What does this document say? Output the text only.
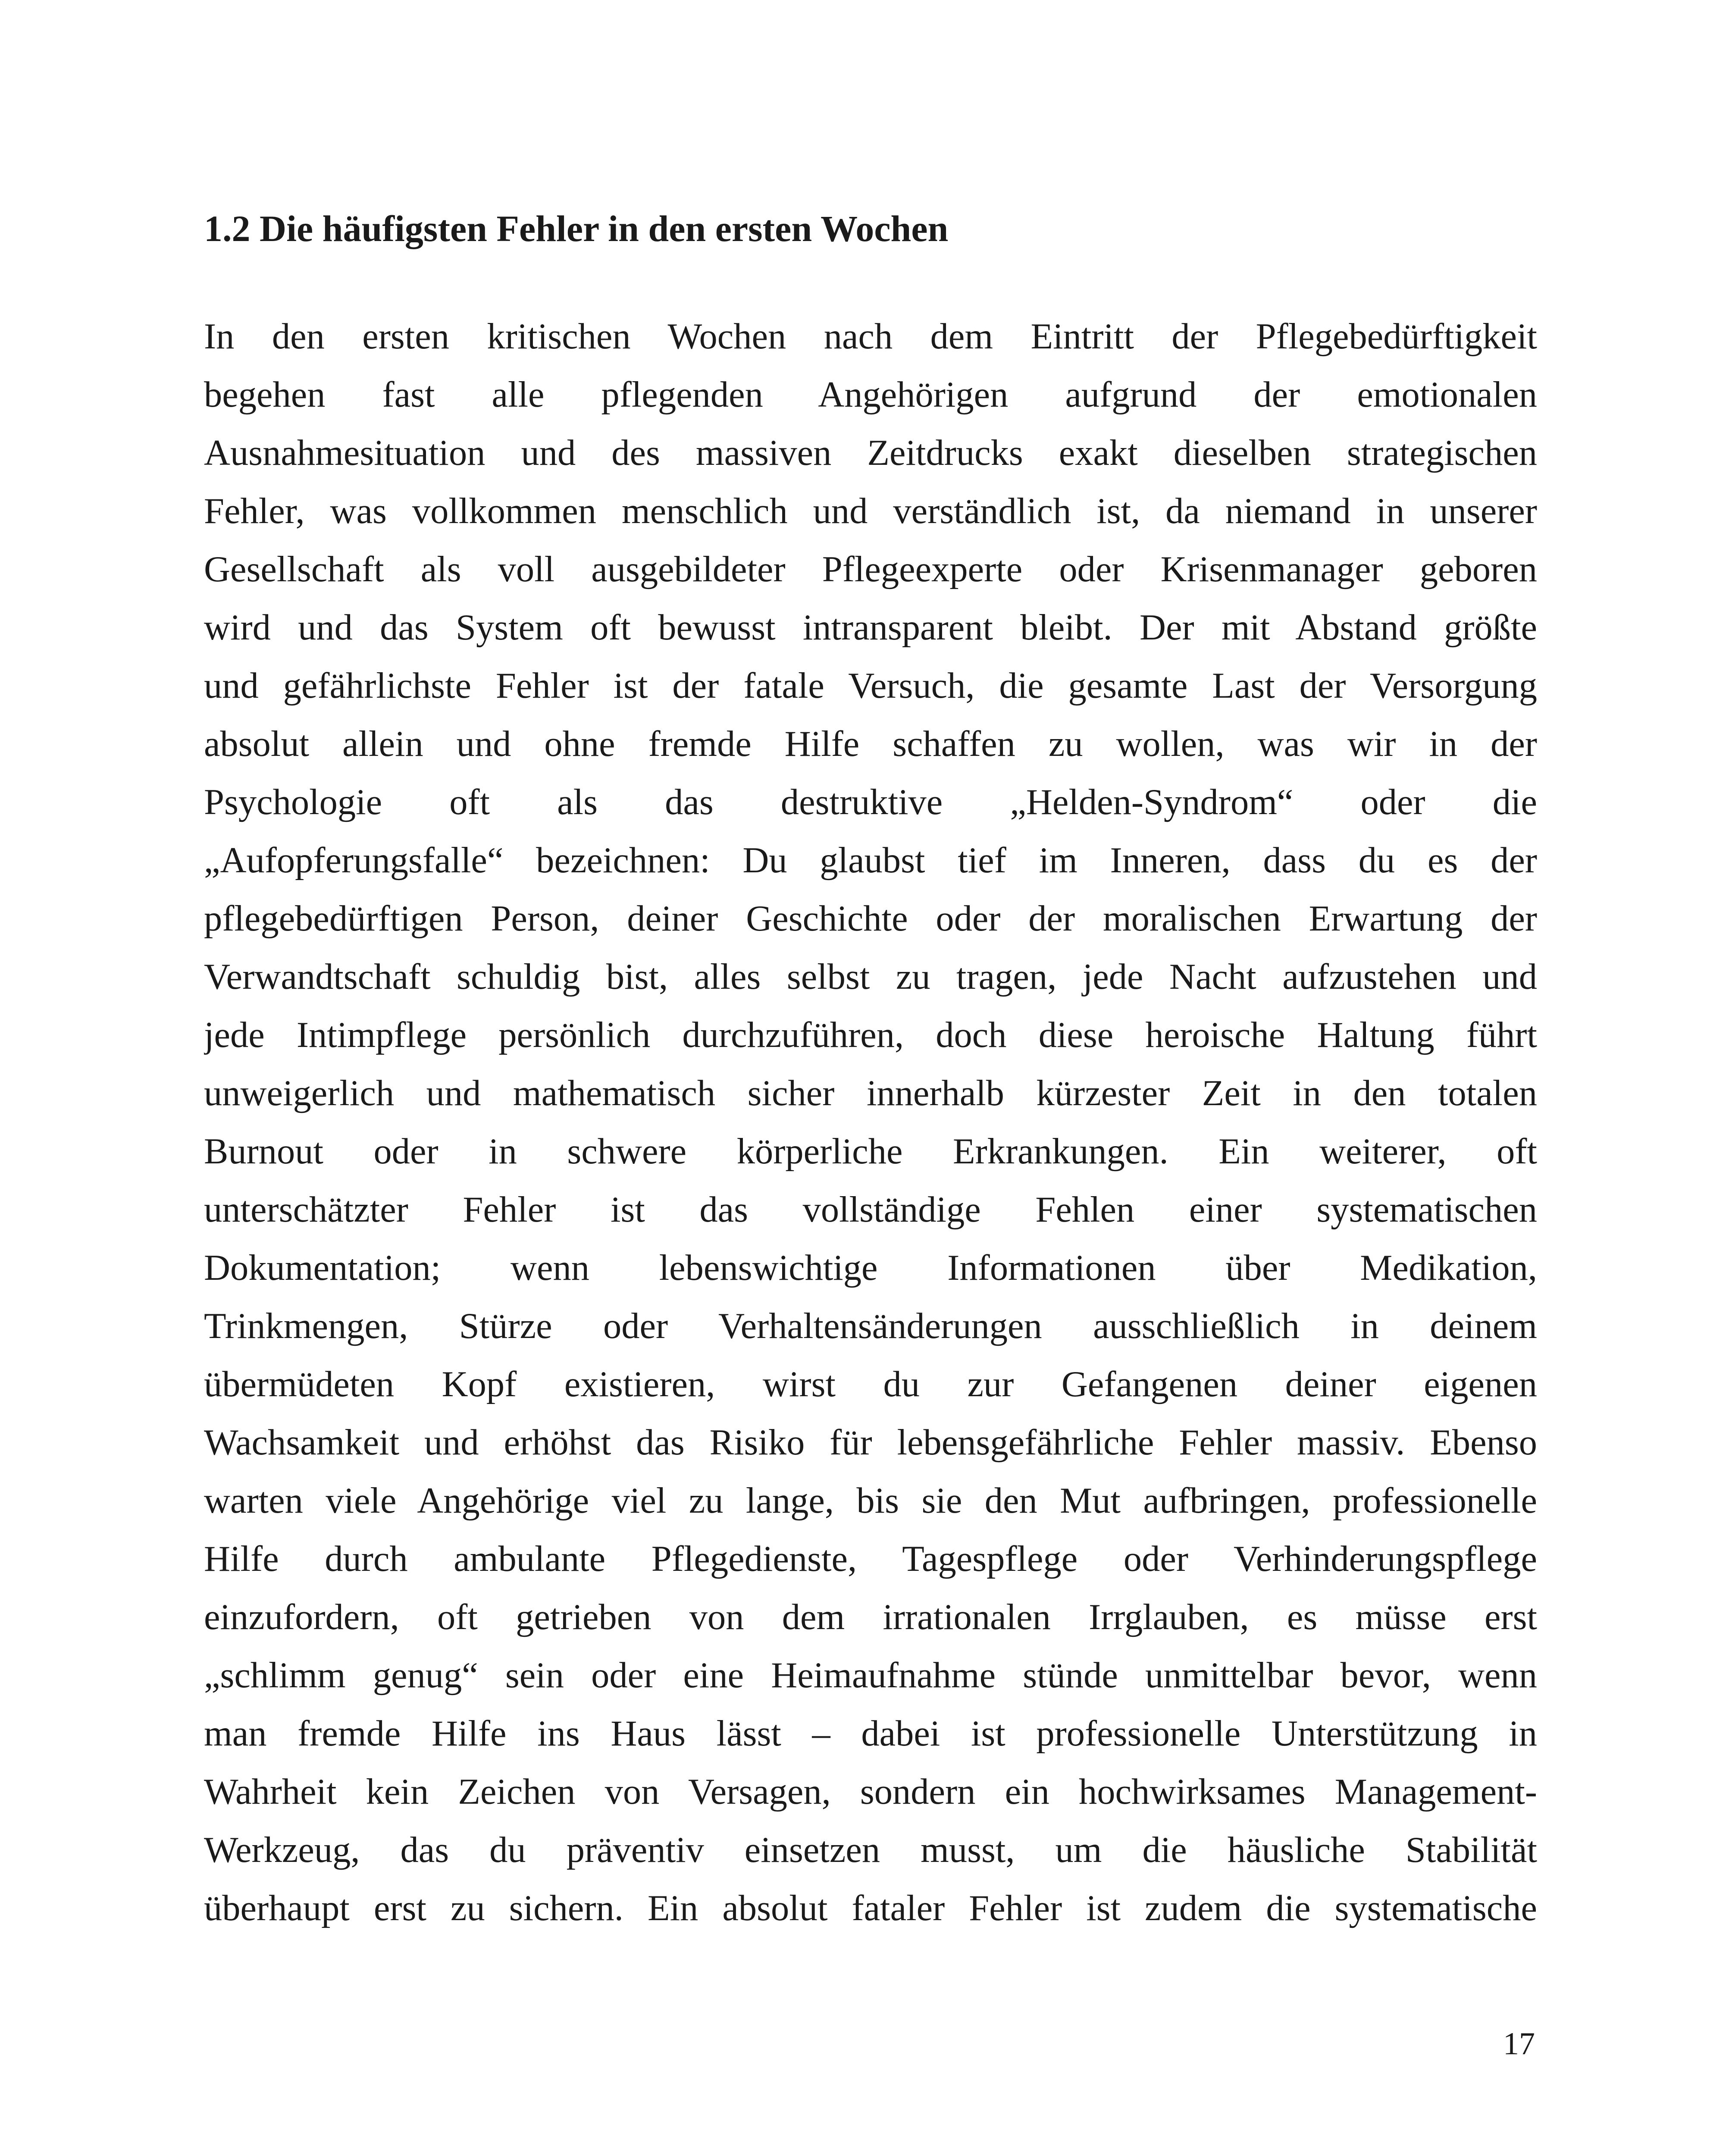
1.2 Die häufigsten Fehler in den ersten Wochen
In den ersten kritischen Wochen nach dem Eintritt der Pflegebedürftigkeit
begehen fast alle pflegenden Angehörigen aufgrund der emotionalen
Ausnahmesituation und des massiven Zeitdrucks exakt dieselben strategischen
Fehler, was vollkommen menschlich und verständlich ist, da niemand in unserer
Gesellschaft als voll ausgebildeter Pflegeexperte oder Krisenmanager geboren
wird und das System oft bewusst intransparent bleibt. Der mit Abstand größte
und gefährlichste Fehler ist der fatale Versuch, die gesamte Last der Versorgung
absolut allein und ohne fremde Hilfe schaffen zu wollen, was wir in der
Psychologie oft als das destruktive „Helden-Syndrom“ oder die
„Aufopferungsfalle“ bezeichnen: Du glaubst tief im Inneren, dass du es der
pflegebedürftigen Person, deiner Geschichte oder der moralischen Erwartung der
Verwandtschaft schuldig bist, alles selbst zu tragen, jede Nacht aufzustehen und
jede Intimpflege persönlich durchzuführen, doch diese heroische Haltung führt
unweigerlich und mathematisch sicher innerhalb kürzester Zeit in den totalen
Burnout oder in schwere körperliche Erkrankungen. Ein weiterer, oft
unterschätzter Fehler ist das vollständige Fehlen einer systematischen
Dokumentation; wenn lebenswichtige Informationen über Medikation,
Trinkmengen, Stürze oder Verhaltensänderungen ausschließlich in deinem
übermüdeten Kopf existieren, wirst du zur Gefangenen deiner eigenen
Wachsamkeit und erhöhst das Risiko für lebensgefährliche Fehler massiv. Ebenso
warten viele Angehörige viel zu lange, bis sie den Mut aufbringen, professionelle
Hilfe durch ambulante Pflegedienste, Tagespflege oder Verhinderungspflege
einzufordern, oft getrieben von dem irrationalen Irrglauben, es müsse erst
„schlimm genug“ sein oder eine Heimaufnahme stünde unmittelbar bevor, wenn
man fremde Hilfe ins Haus lässt – dabei ist professionelle Unterstützung in
Wahrheit kein Zeichen von Versagen, sondern ein hochwirksames Management-
Werkzeug, das du präventiv einsetzen musst, um die häusliche Stabilität
überhaupt erst zu sichern. Ein absolut fataler Fehler ist zudem die systematische
17
